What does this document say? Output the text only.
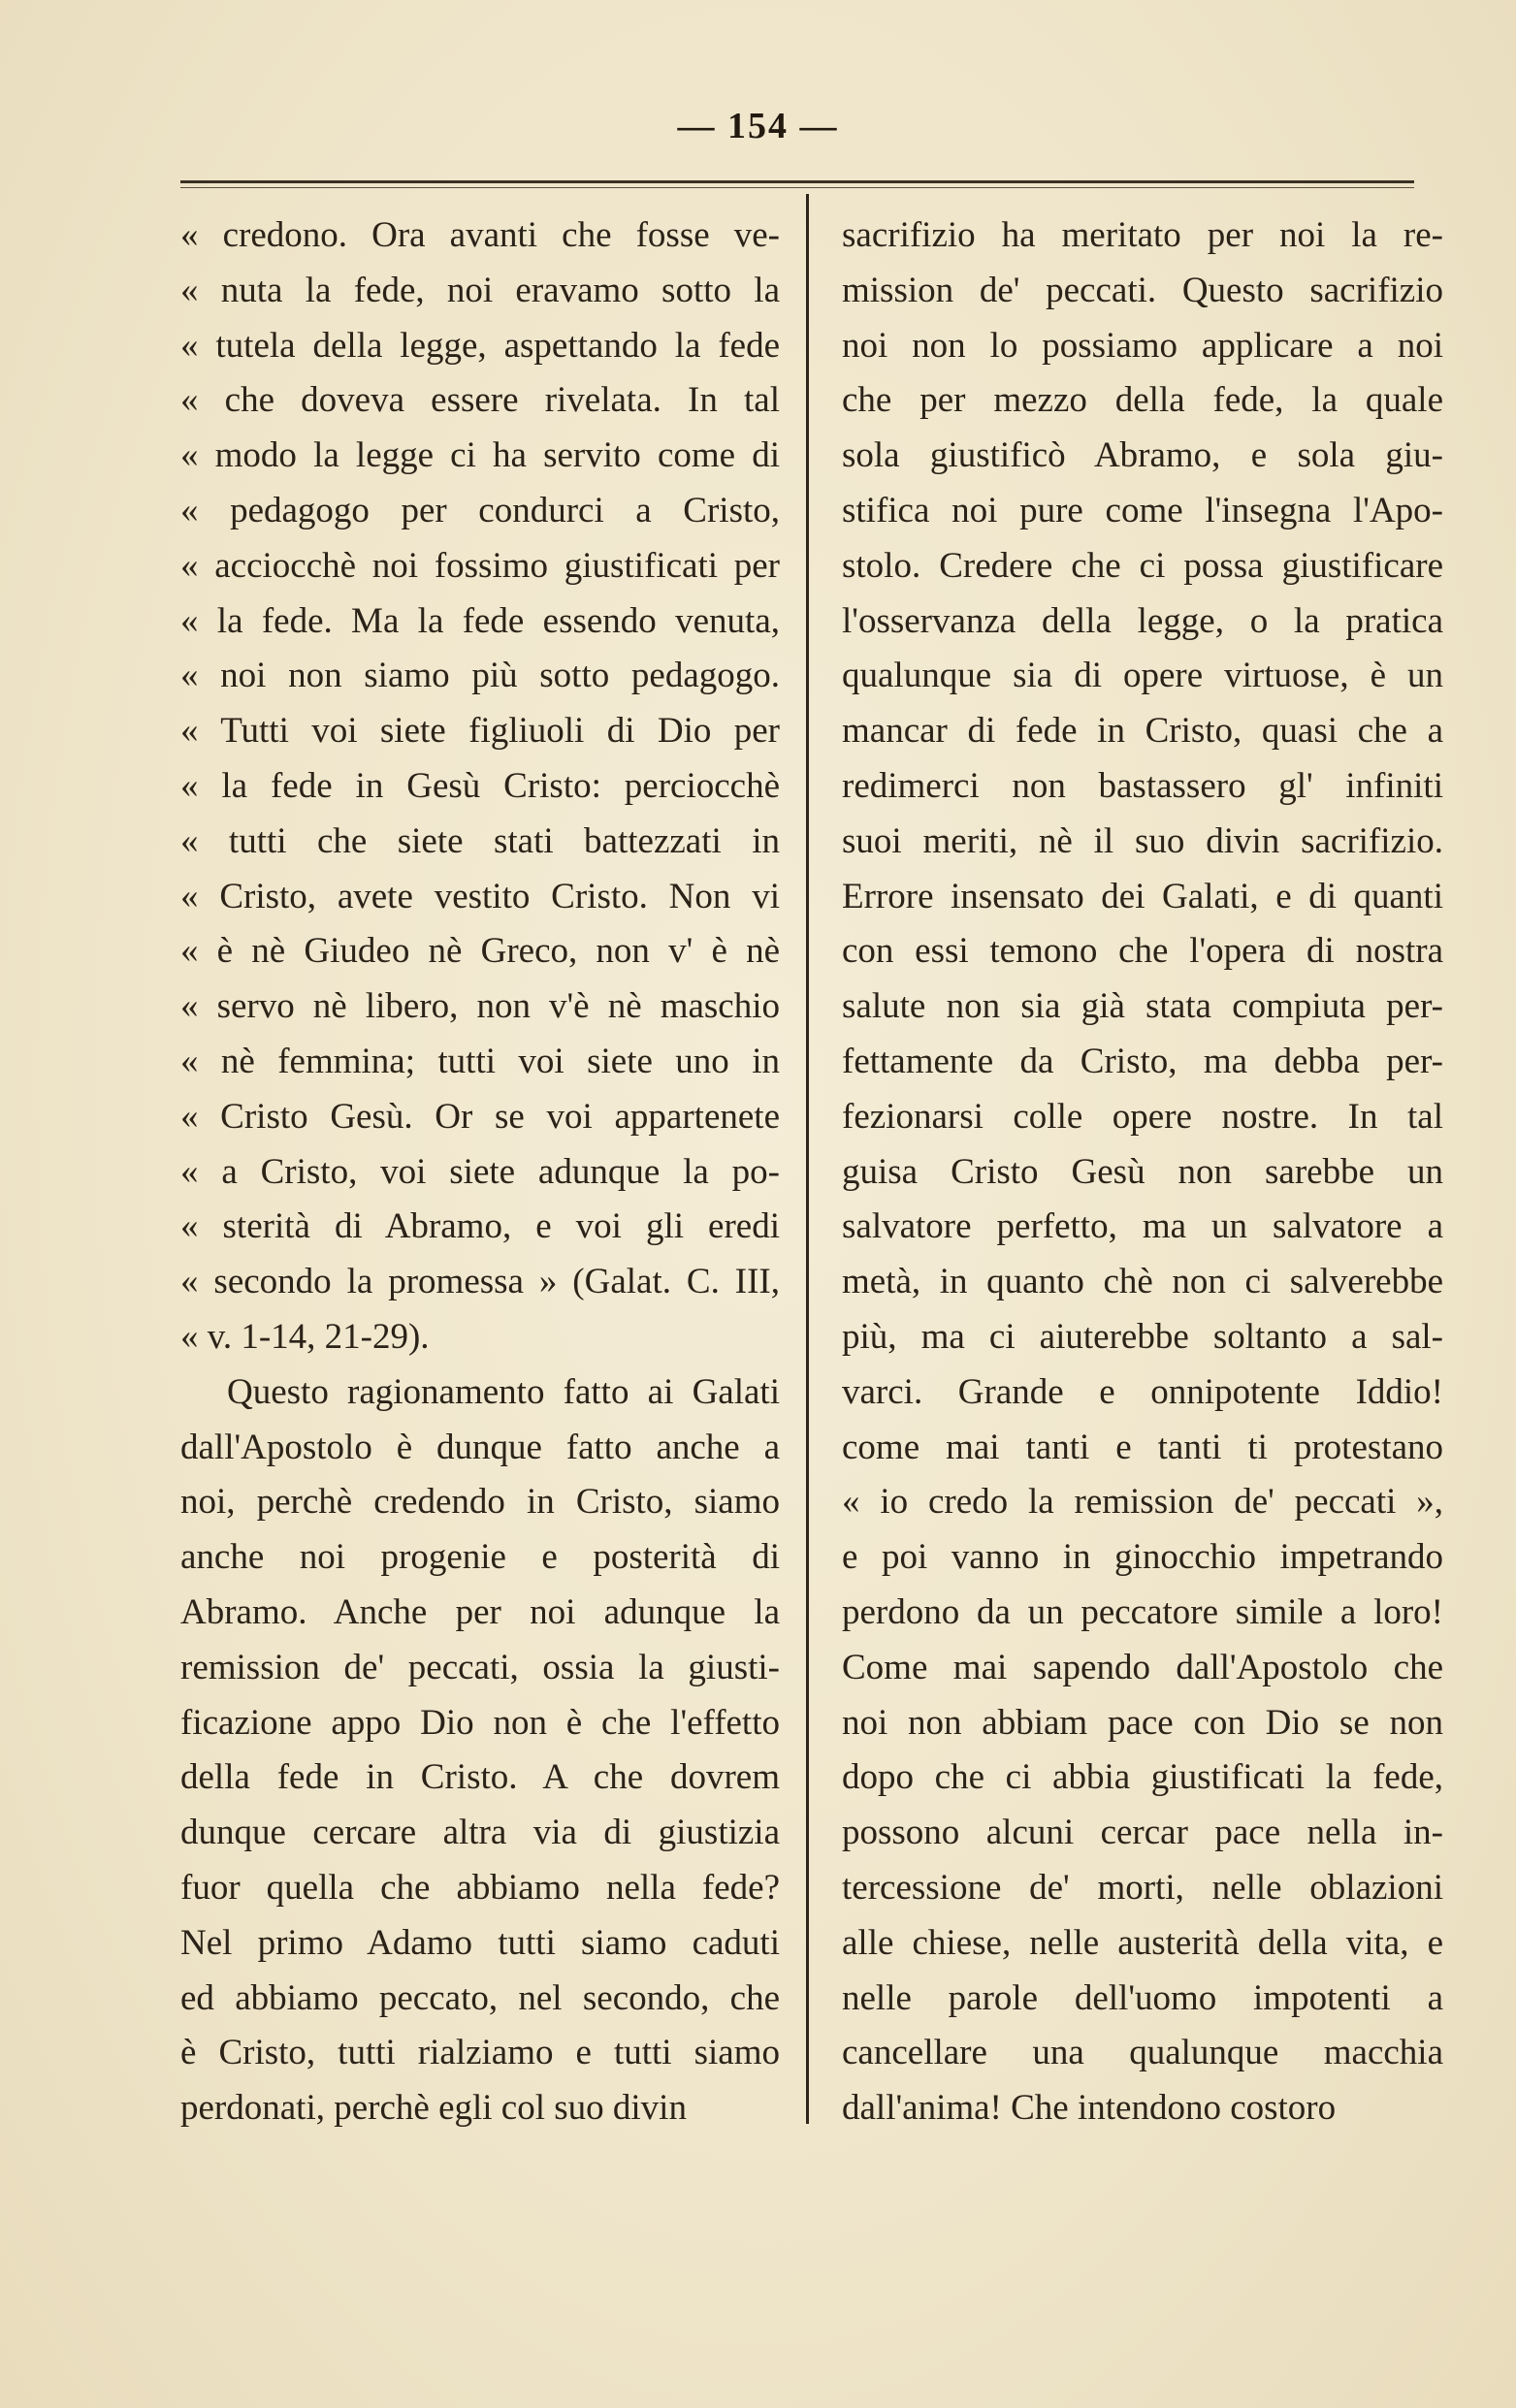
— 154 —
« credono. Ora avanti che fosse ve-
« nuta la fede, noi eravamo sotto la
« tutela della legge, aspettando la fede
« che doveva essere rivelata. In tal
« modo la legge ci ha servito come di
« pedagogo per condurci a Cristo,
« acciocchè noi fossimo giustificati per
« la fede. Ma la fede essendo venuta,
« noi non siamo più sotto pedagogo.
« Tutti voi siete figliuoli di Dio per
« la fede in Gesù Cristo: perciocchè
« tutti che siete stati battezzati in
« Cristo, avete vestito Cristo. Non vi
« è nè Giudeo nè Greco, non v' è nè
« servo nè libero, non v'è nè maschio
« nè femmina; tutti voi siete uno in
« Cristo Gesù. Or se voi appartenete
« a Cristo, voi siete adunque la po-
« sterità di Abramo, e voi gli eredi
« secondo la promessa » (Galat. C. III,
« v. 1-14, 21-29).
Questo ragionamento fatto ai Galati
dall'Apostolo è dunque fatto anche a
noi, perchè credendo in Cristo, siamo
anche noi progenie e posterità di
Abramo. Anche per noi adunque la
remission de' peccati, ossia la giusti-
ficazione appo Dio non è che l'effetto
della fede in Cristo. A che dovrem
dunque cercare altra via di giustizia
fuor quella che abbiamo nella fede?
Nel primo Adamo tutti siamo caduti
ed abbiamo peccato, nel secondo, che
è Cristo, tutti rialziamo e tutti siamo
perdonati, perchè egli col suo divin
sacrifizio ha meritato per noi la re-
mission de' peccati. Questo sacrifizio
noi non lo possiamo applicare a noi
che per mezzo della fede, la quale
sola giustificò Abramo, e sola giu-
stifica noi pure come l'insegna l'Apo-
stolo. Credere che ci possa giustificare
l'osservanza della legge, o la pratica
qualunque sia di opere virtuose, è un
mancar di fede in Cristo, quasi che a
redimerci non bastassero gl' infiniti
suoi meriti, nè il suo divin sacrifizio.
Errore insensato dei Galati, e di quanti
con essi temono che l'opera di nostra
salute non sia già stata compiuta per-
fettamente da Cristo, ma debba per-
fezionarsi colle opere nostre. In tal
guisa Cristo Gesù non sarebbe un
salvatore perfetto, ma un salvatore a
metà, in quanto chè non ci salverebbe
più, ma ci aiuterebbe soltanto a sal-
varci. Grande e onnipotente Iddio!
come mai tanti e tanti ti protestano
« io credo la remission de' peccati »,
e poi vanno in ginocchio impetrando
perdono da un peccatore simile a loro!
Come mai sapendo dall'Apostolo che
noi non abbiam pace con Dio se non
dopo che ci abbia giustificati la fede,
possono alcuni cercar pace nella in-
tercessione de' morti, nelle oblazioni
alle chiese, nelle austerità della vita, e
nelle parole dell'uomo impotenti a
cancellare una qualunque macchia
dall'anima! Che intendono costoro
